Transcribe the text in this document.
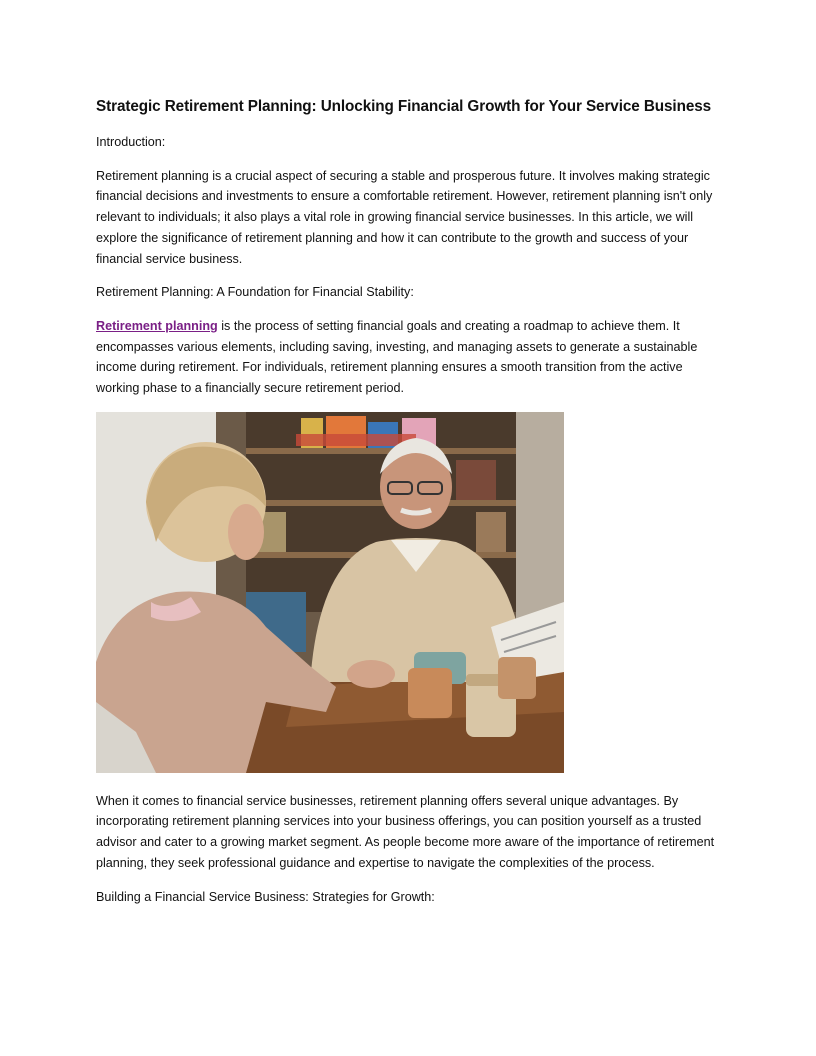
Strategic Retirement Planning: Unlocking Financial Growth for Your Service Business

Introduction:

Retirement planning is a crucial aspect of securing a stable and prosperous future. It involves making strategic financial decisions and investments to ensure a comfortable retirement. However, retirement planning isn't only relevant to individuals; it also plays a vital role in growing financial service businesses. In this article, we will explore the significance of retirement planning and how it can contribute to the growth and success of your financial service business.

Retirement Planning: A Foundation for Financial Stability:

Retirement planning is the process of setting financial goals and creating a roadmap to achieve them. It encompasses various elements, including saving, investing, and managing assets to generate a sustainable income during retirement. For individuals, retirement planning ensures a smooth transition from the active working phase to a financially secure retirement period.

When it comes to financial service businesses, retirement planning offers several unique advantages. By incorporating retirement planning services into your business offerings, you can position yourself as a trusted advisor and cater to a growing market segment. As people become more aware of the importance of retirement planning, they seek professional guidance and expertise to navigate the complexities of the process.

Building a Financial Service Business: Strategies for Growth:
